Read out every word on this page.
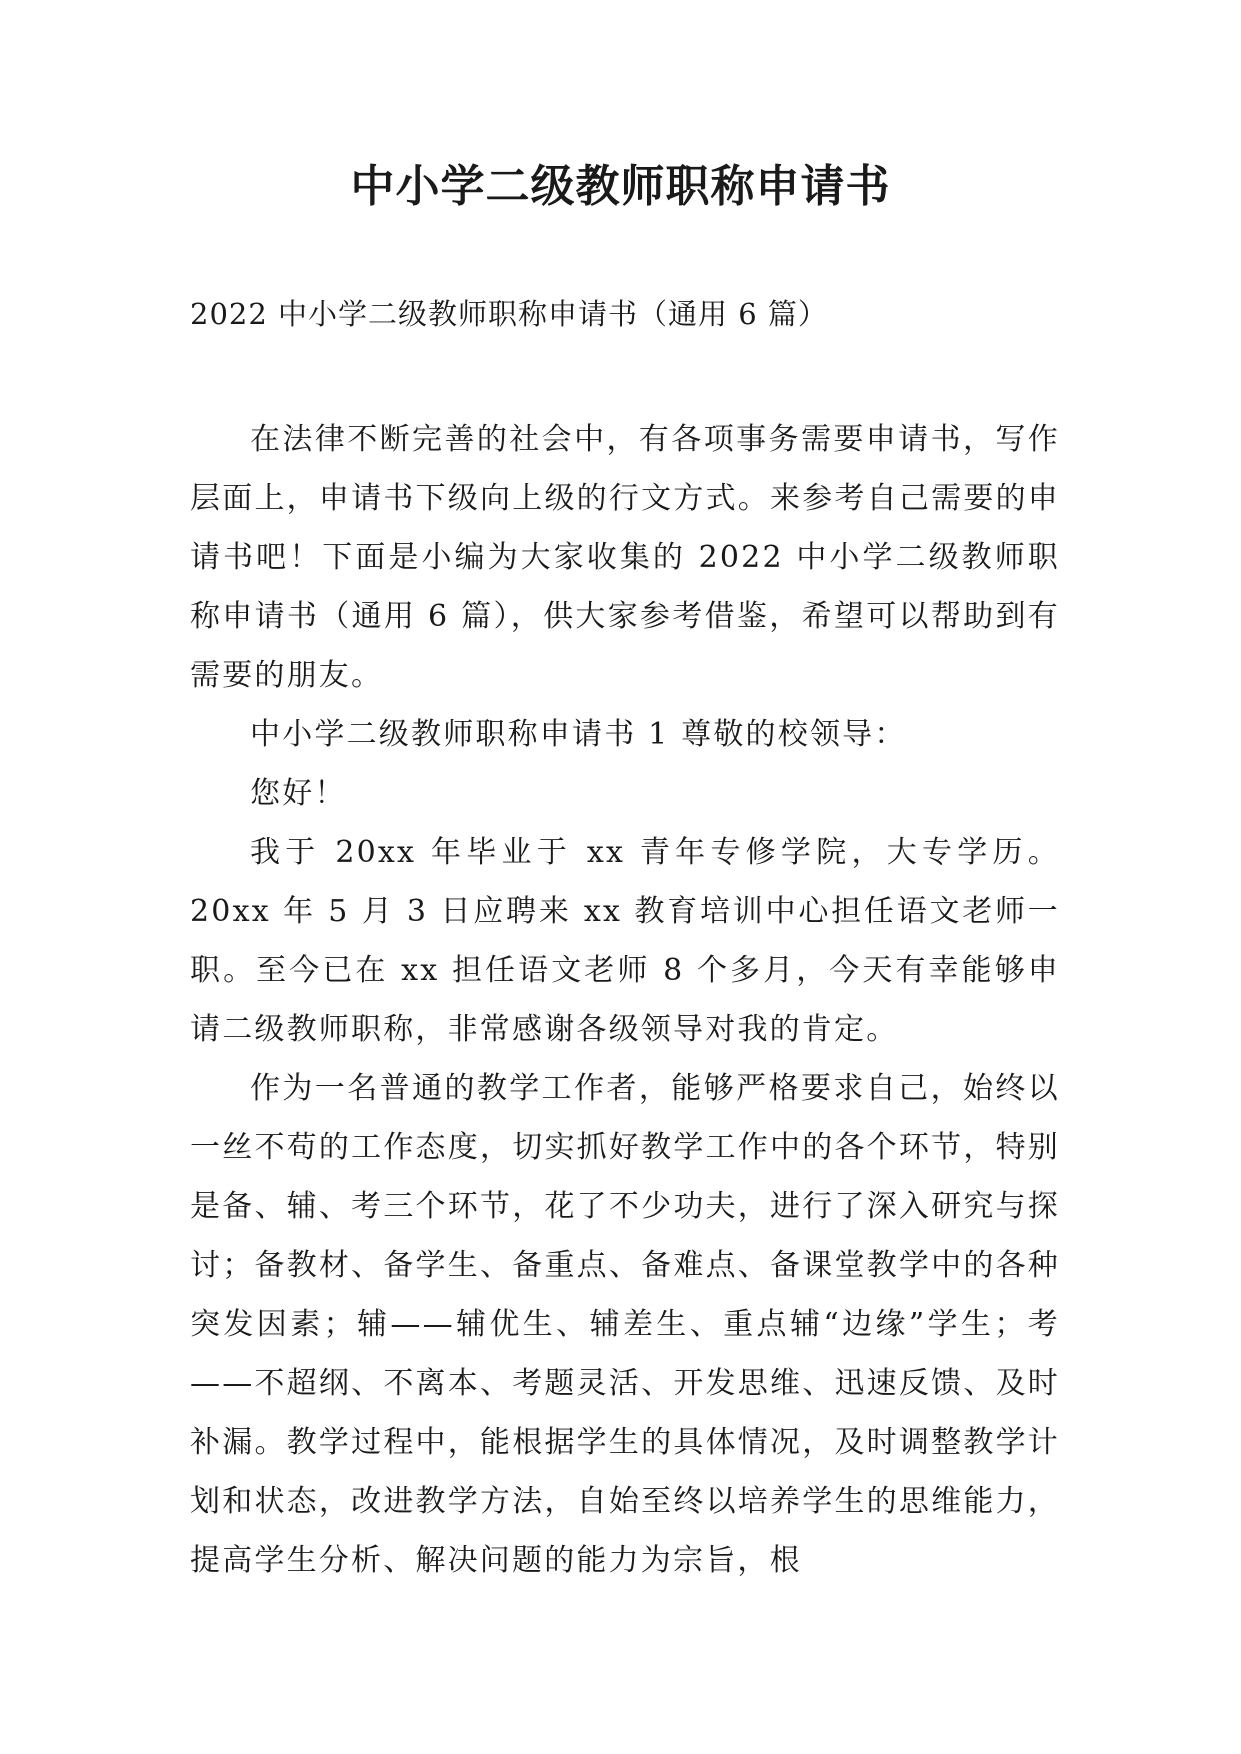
中小学二级教师职称申请书

2022 中小学二级教师职称申请书（通用 6 篇）

在法律不断完善的社会中，有各项事务需要申请书，写作层面上，申请书下级向上级的行文方式。来参考自己需要的申请书吧！下面是小编为大家收集的 2022 中小学二级教师职称申请书（通用 6 篇），供大家参考借鉴，希望可以帮助到有需要的朋友。

中小学二级教师职称申请书 1 尊敬的校领导：

您好！

我于 20xx 年毕业于 xx 青年专修学院，大专学历。20xx 年 5 月 3 日应聘来 xx 教育培训中心担任语文老师一职。至今已在 xx 担任语文老师 8 个多月，今天有幸能够申请二级教师职称，非常感谢各级领导对我的肯定。

作为一名普通的教学工作者，能够严格要求自己，始终以一丝不苟的工作态度，切实抓好教学工作中的各个环节，特别是备、辅、考三个环节，花了不少功夫，进行了深入研究与探讨；备教材、备学生、备重点、备难点、备课堂教学中的各种突发因素；辅——辅优生、辅差生、重点辅“边缘”学生；考——不超纲、不离本、考题灵活、开发思维、迅速反馈、及时补漏。教学过程中，能根据学生的具体情况，及时调整教学计划和状态，改进教学方法，自始至终以培养学生的思维能力，提高学生分析、解决问题的能力为宗旨，根
